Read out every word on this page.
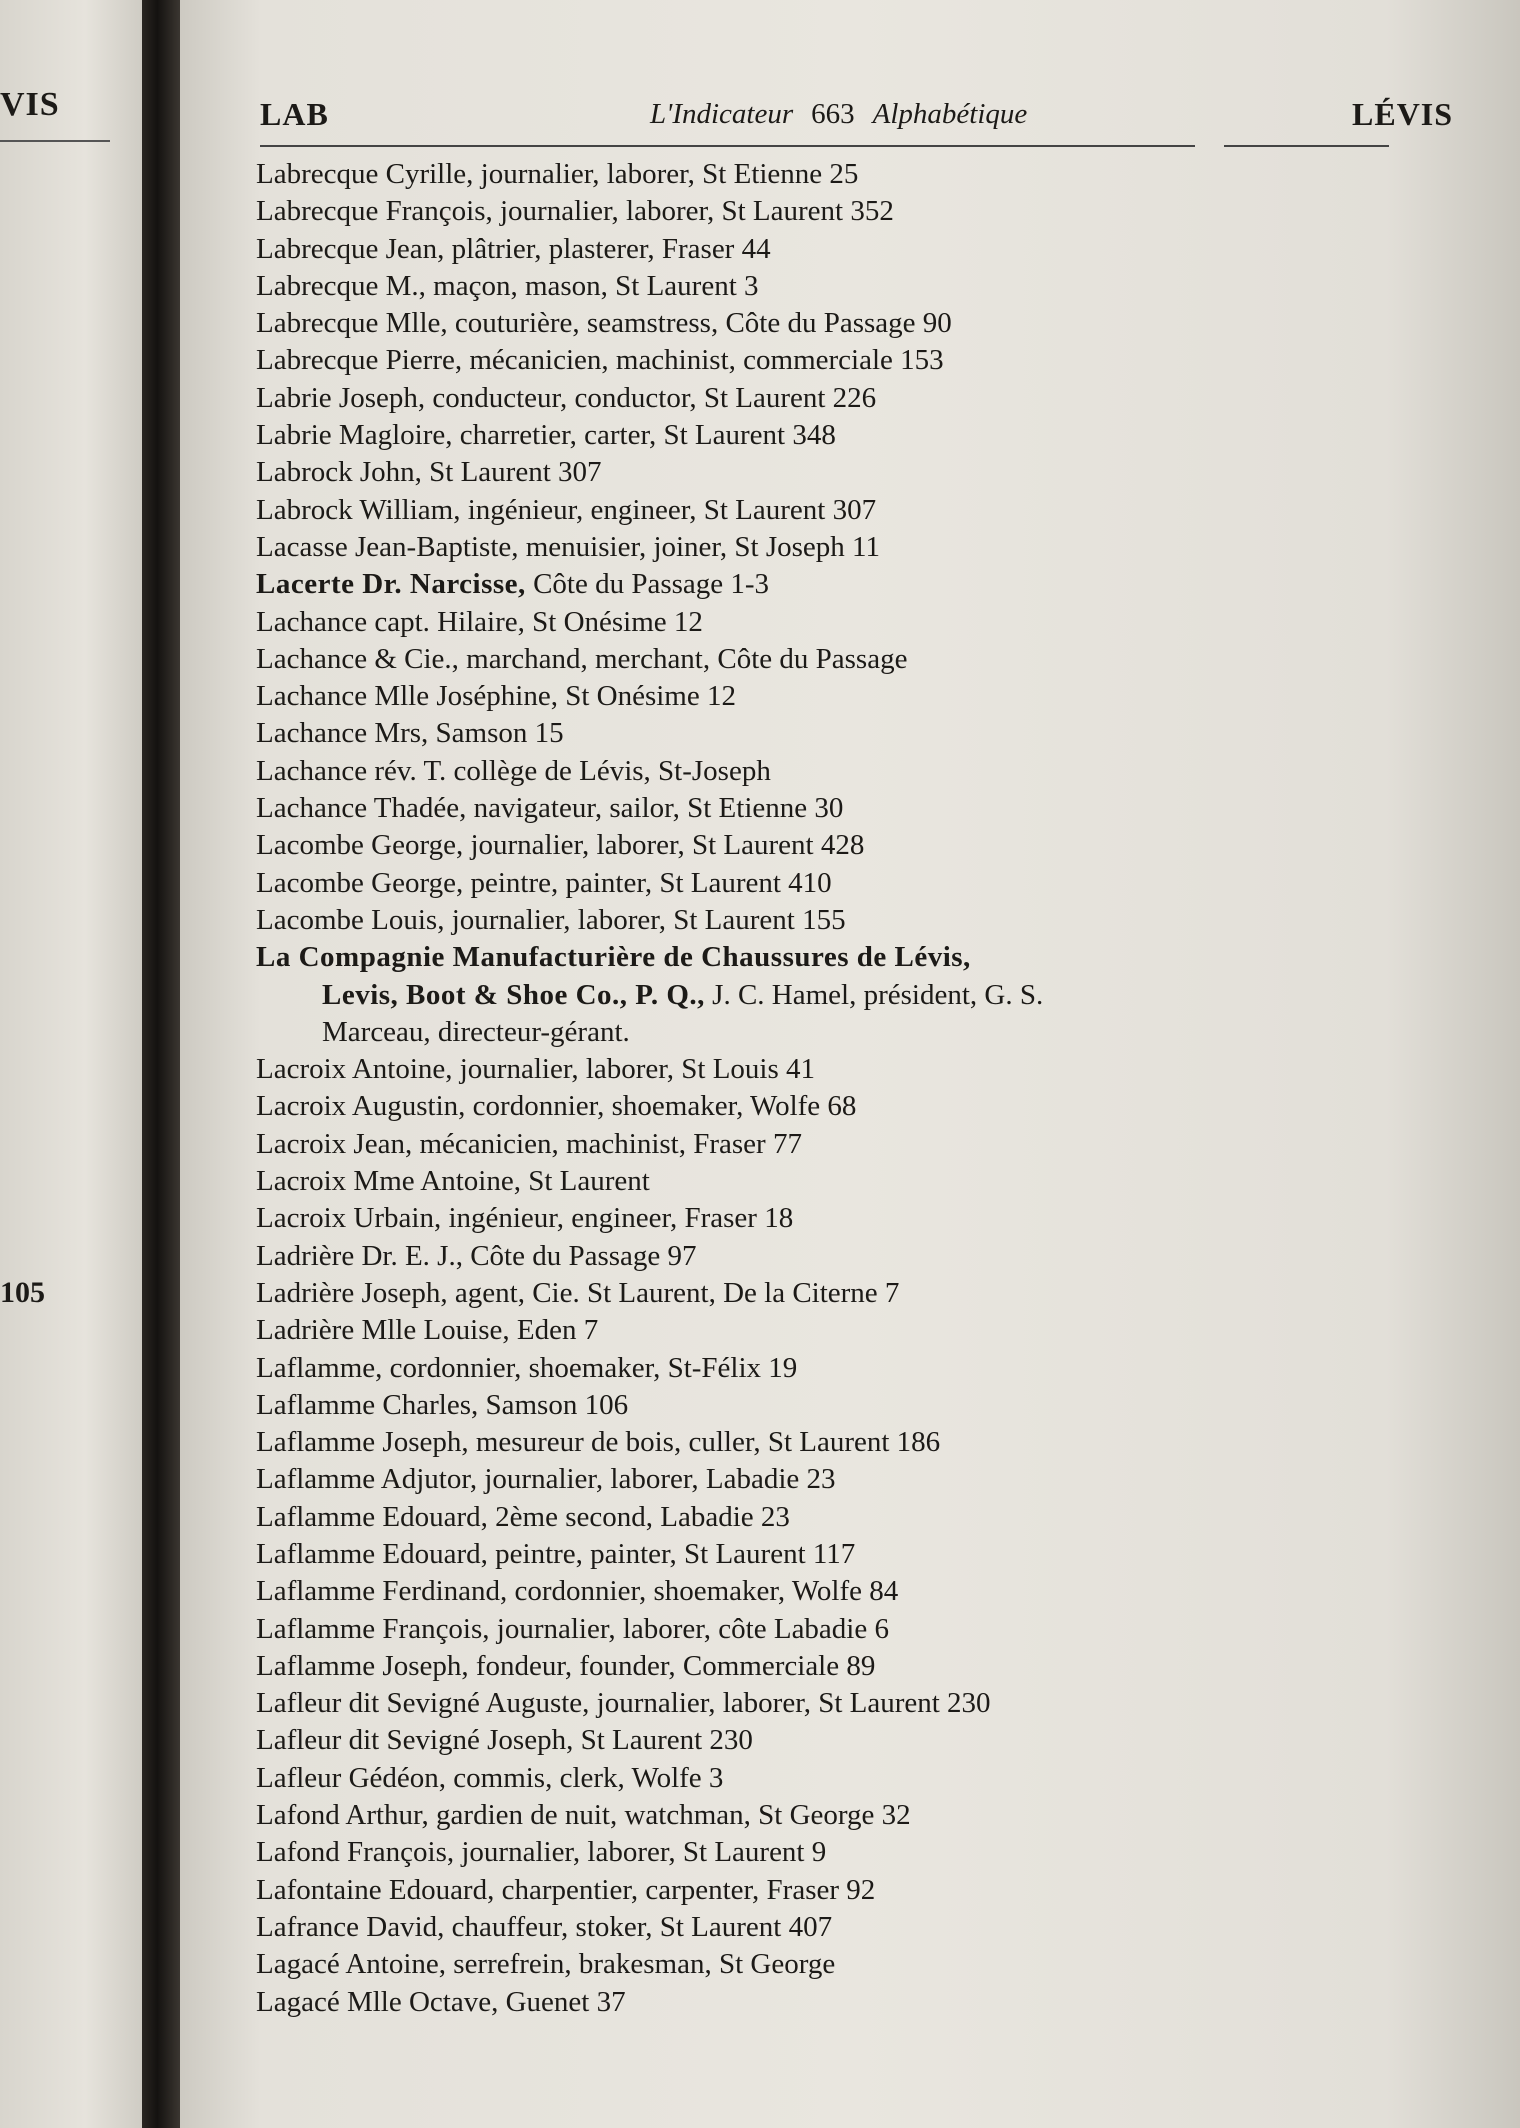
VIS
105
LAB	L'Indicateur 663 Alphabétique	LÉVIS
Labrecque Cyrille, journalier, laborer, St Etienne 25
Labrecque François, journalier, laborer, St Laurent 352
Labrecque Jean, plâtrier, plasterer, Fraser 44
Labrecque M., maçon, mason, St Laurent 3
Labrecque Mlle, couturière, seamstress, Côte du Passage 90
Labrecque Pierre, mécanicien, machinist, commerciale 153
Labrie Joseph, conducteur, conductor, St Laurent 226
Labrie Magloire, charretier, carter, St Laurent 348
Labrock John, St Laurent 307
Labrock William, ingénieur, engineer, St Laurent 307
Lacasse Jean-Baptiste, menuisier, joiner, St Joseph 11
Lacerte Dr. Narcisse, Côte du Passage 1-3
Lachance capt. Hilaire, St Onésime 12
Lachance & Cie., marchand, merchant, Côte du Passage
Lachance Mlle Joséphine, St Onésime 12
Lachance Mrs, Samson 15
Lachance rév. T. collège de Lévis, St-Joseph
Lachance Thadée, navigateur, sailor, St Etienne 30
Lacombe George, journalier, laborer, St Laurent 428
Lacombe George, peintre, painter, St Laurent 410
Lacombe Louis, journalier, laborer, St Laurent 155
La Compagnie Manufacturière de Chaussures de Lévis,
Levis, Boot & Shoe Co., P. Q., J. C. Hamel, président, G. S.
Marceau, directeur-gérant.
Lacroix Antoine, journalier, laborer, St Louis 41
Lacroix Augustin, cordonnier, shoemaker, Wolfe 68
Lacroix Jean, mécanicien, machinist, Fraser 77
Lacroix Mme Antoine, St Laurent
Lacroix Urbain, ingénieur, engineer, Fraser 18
Ladrière Dr. E. J., Côte du Passage 97
Ladrière Joseph, agent, Cie. St Laurent, De la Citerne 7
Ladrière Mlle Louise, Eden 7
Laflamme, cordonnier, shoemaker, St-Félix 19
Laflamme Charles, Samson 106
Laflamme Joseph, mesureur de bois, culler, St Laurent 186
Laflamme Adjutor, journalier, laborer, Labadie 23
Laflamme Edouard, 2ème second, Labadie 23
Laflamme Edouard, peintre, painter, St Laurent 117
Laflamme Ferdinand, cordonnier, shoemaker, Wolfe 84
Laflamme François, journalier, laborer, côte Labadie 6
Laflamme Joseph, fondeur, founder, Commerciale 89
Lafleur dit Sevigné Auguste, journalier, laborer, St Laurent 230
Lafleur dit Sevigné Joseph, St Laurent 230
Lafleur Gédéon, commis, clerk, Wolfe 3
Lafond Arthur, gardien de nuit, watchman, St George 32
Lafond François, journalier, laborer, St Laurent 9
Lafontaine Edouard, charpentier, carpenter, Fraser 92
Lafrance David, chauffeur, stoker, St Laurent 407
Lagacé Antoine, serrefrein, brakesman, St George
Lagacé Mlle Octave, Guenet 37
